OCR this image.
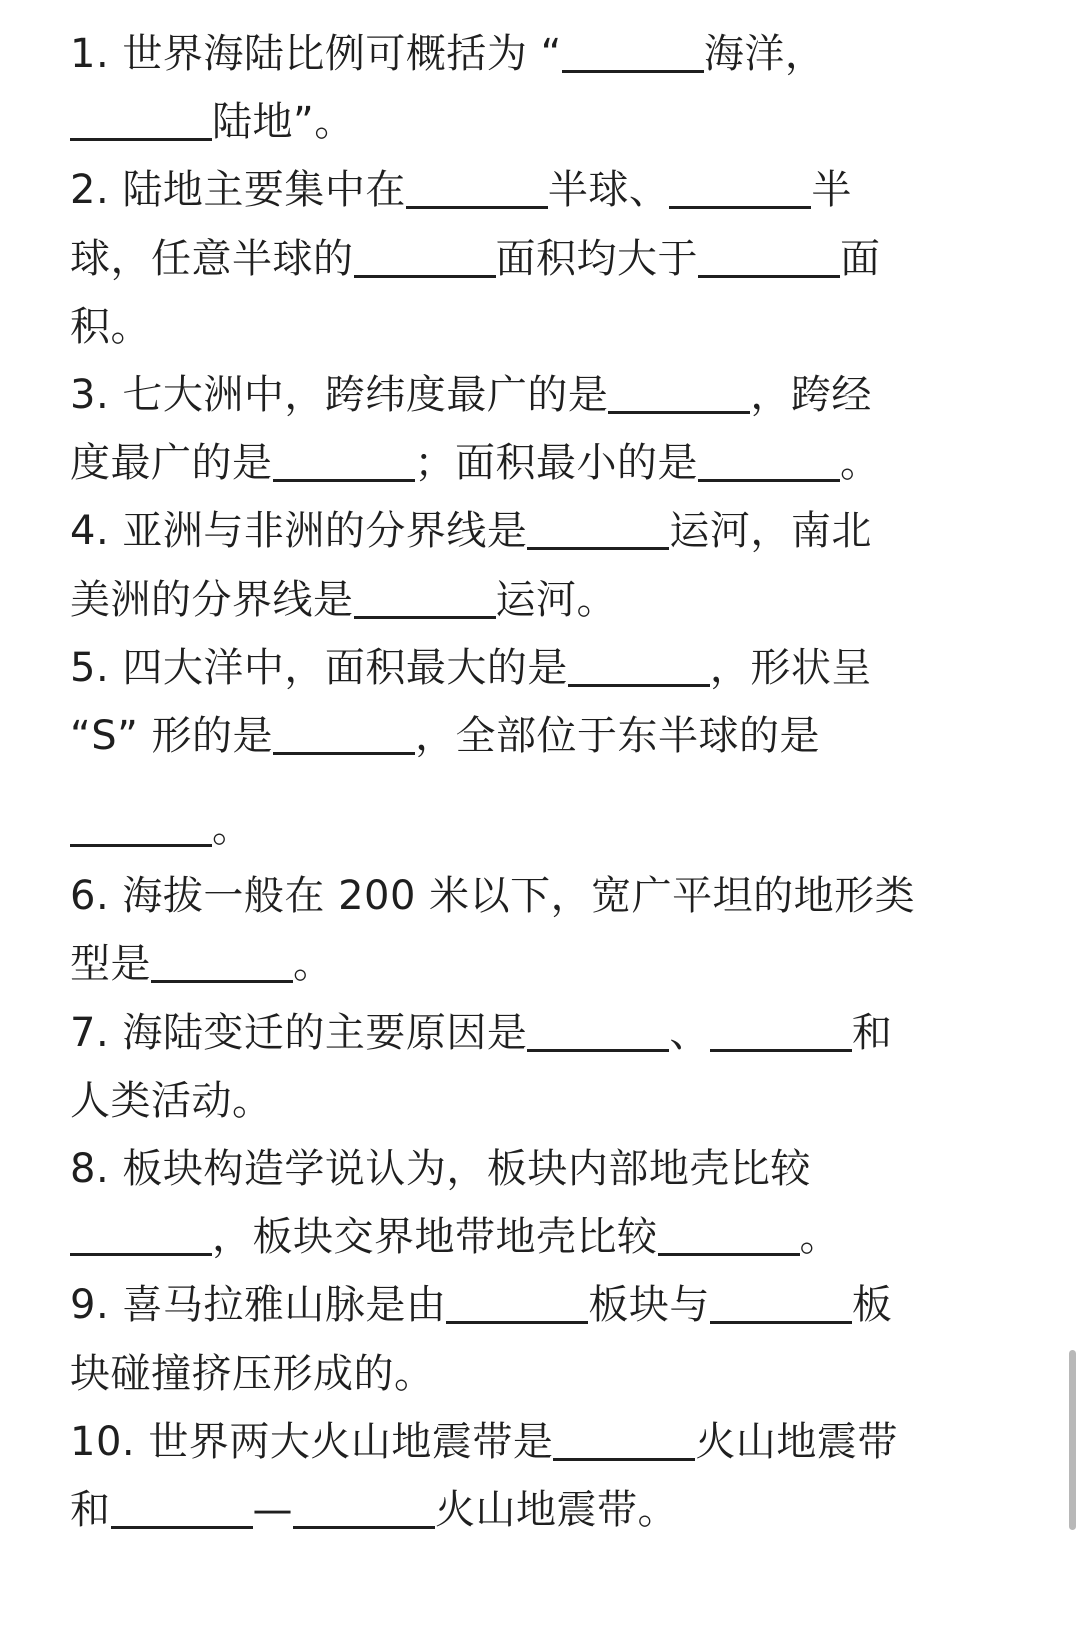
1. 世界海陆比例可概括为 “	海洋，
陆地”。
2. 陆地主要集中在	半球、	半
球，任意半球的	面积均大于	面
积。
3. 七大洲中，跨纬度最广的是	，跨经
度最广的是	；面积最小的是	。
4. 亚洲与非洲的分界线是	运河，南北
美洲的分界线是	运河。
5. 四大洋中，面积最大的是	，形状呈
“S” 形的是	，全部位于东半球的是
。
6. 海拔一般在 200 米以下，宽广平坦的地形类
型是	。
7. 海陆变迁的主要原因是	、	和
人类活动。
8. 板块构造学说认为，板块内部地壳比较
，板块交界地带地壳比较	。
9. 喜马拉雅山脉是由	板块与	板
块碰撞挤压形成的。
10. 世界两大火山地震带是	火山地震带
和	—	火山地震带。
